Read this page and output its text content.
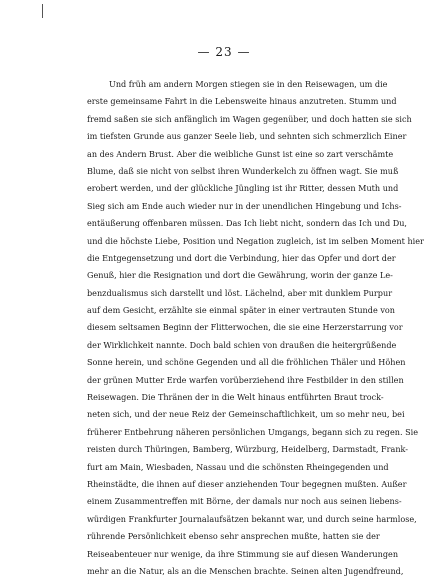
— 23 —
Und früh am andern Morgen stiegen sie in den Reisewagen, um die
erste gemeinsame Fahrt in die Lebensweite hinaus anzutreten. Stumm und
fremd saßen sie sich anfänglich im Wagen gegenüber, und doch hatten sie sich
im tiefsten Grunde aus ganzer Seele lieb, und sehnten sich schmerzlich Einer
an des Andern Brust. Aber die weibliche Gunst ist eine so zart verschämte
Blume, daß sie nicht von selbst ihren Wunderkelch zu öffnen wagt. Sie muß
erobert werden, und der glückliche Jüngling ist ihr Ritter, dessen Muth und
Sieg sich am Ende auch wieder nur in der unendlichen Hingebung und Ichs-
entäußerung offenbaren müssen. Das Ich liebt nicht, sondern das Ich und Du,
und die höchste Liebe, Position und Negation zugleich, ist im selben Moment hier
die Entgegensetzung und dort die Verbindung, hier das Opfer und dort der
Genuß, hier die Resignation und dort die Gewährung, worin der ganze Le-
benzdualismus sich darstellt und löst. Lächelnd, aber mit dunklem Purpur
auf dem Gesicht, erzählte sie einmal später in einer vertrauten Stunde von
diesem seltsamen Beginn der Flitterwochen, die sie eine Herzerstarrung vor
der Wirklichkeit nannte. Doch bald schien von draußen die heitergrüßende
Sonne herein, und schöne Gegenden und all die fröhlichen Thäler und Höhen
der grünen Mutter Erde warfen vorüberziehend ihre Festbilder in den stillen
Reisewagen. Die Thränen der in die Welt hinaus entführten Braut trock-
neten sich, und der neue Reiz der Gemeinschaftlichkeit, um so mehr neu, bei
früherer Entbehrung näheren persönlichen Umgangs, begann sich zu regen. Sie
reisten durch Thüringen, Bamberg, Würzburg, Heidelberg, Darmstadt, Frank-
furt am Main, Wiesbaden, Nassau und die schönsten Rheingegenden und
Rheinstädte, die ihnen auf dieser anziehenden Tour begegnen mußten. Außer
einem Zusammentreffen mit Börne, der damals nur noch aus seinen liebens-
würdigen Frankfurter Journalaufsätzen bekannt war, und durch seine harmlose,
rührende Persönlichkeit ebenso sehr ansprechen mußte, hatten sie der
Reiseabenteuer nur wenige, da ihre Stimmung sie auf diesen Wanderungen
mehr an die Natur, als an die Menschen brachte. Seinen alten Jugendfreund,
